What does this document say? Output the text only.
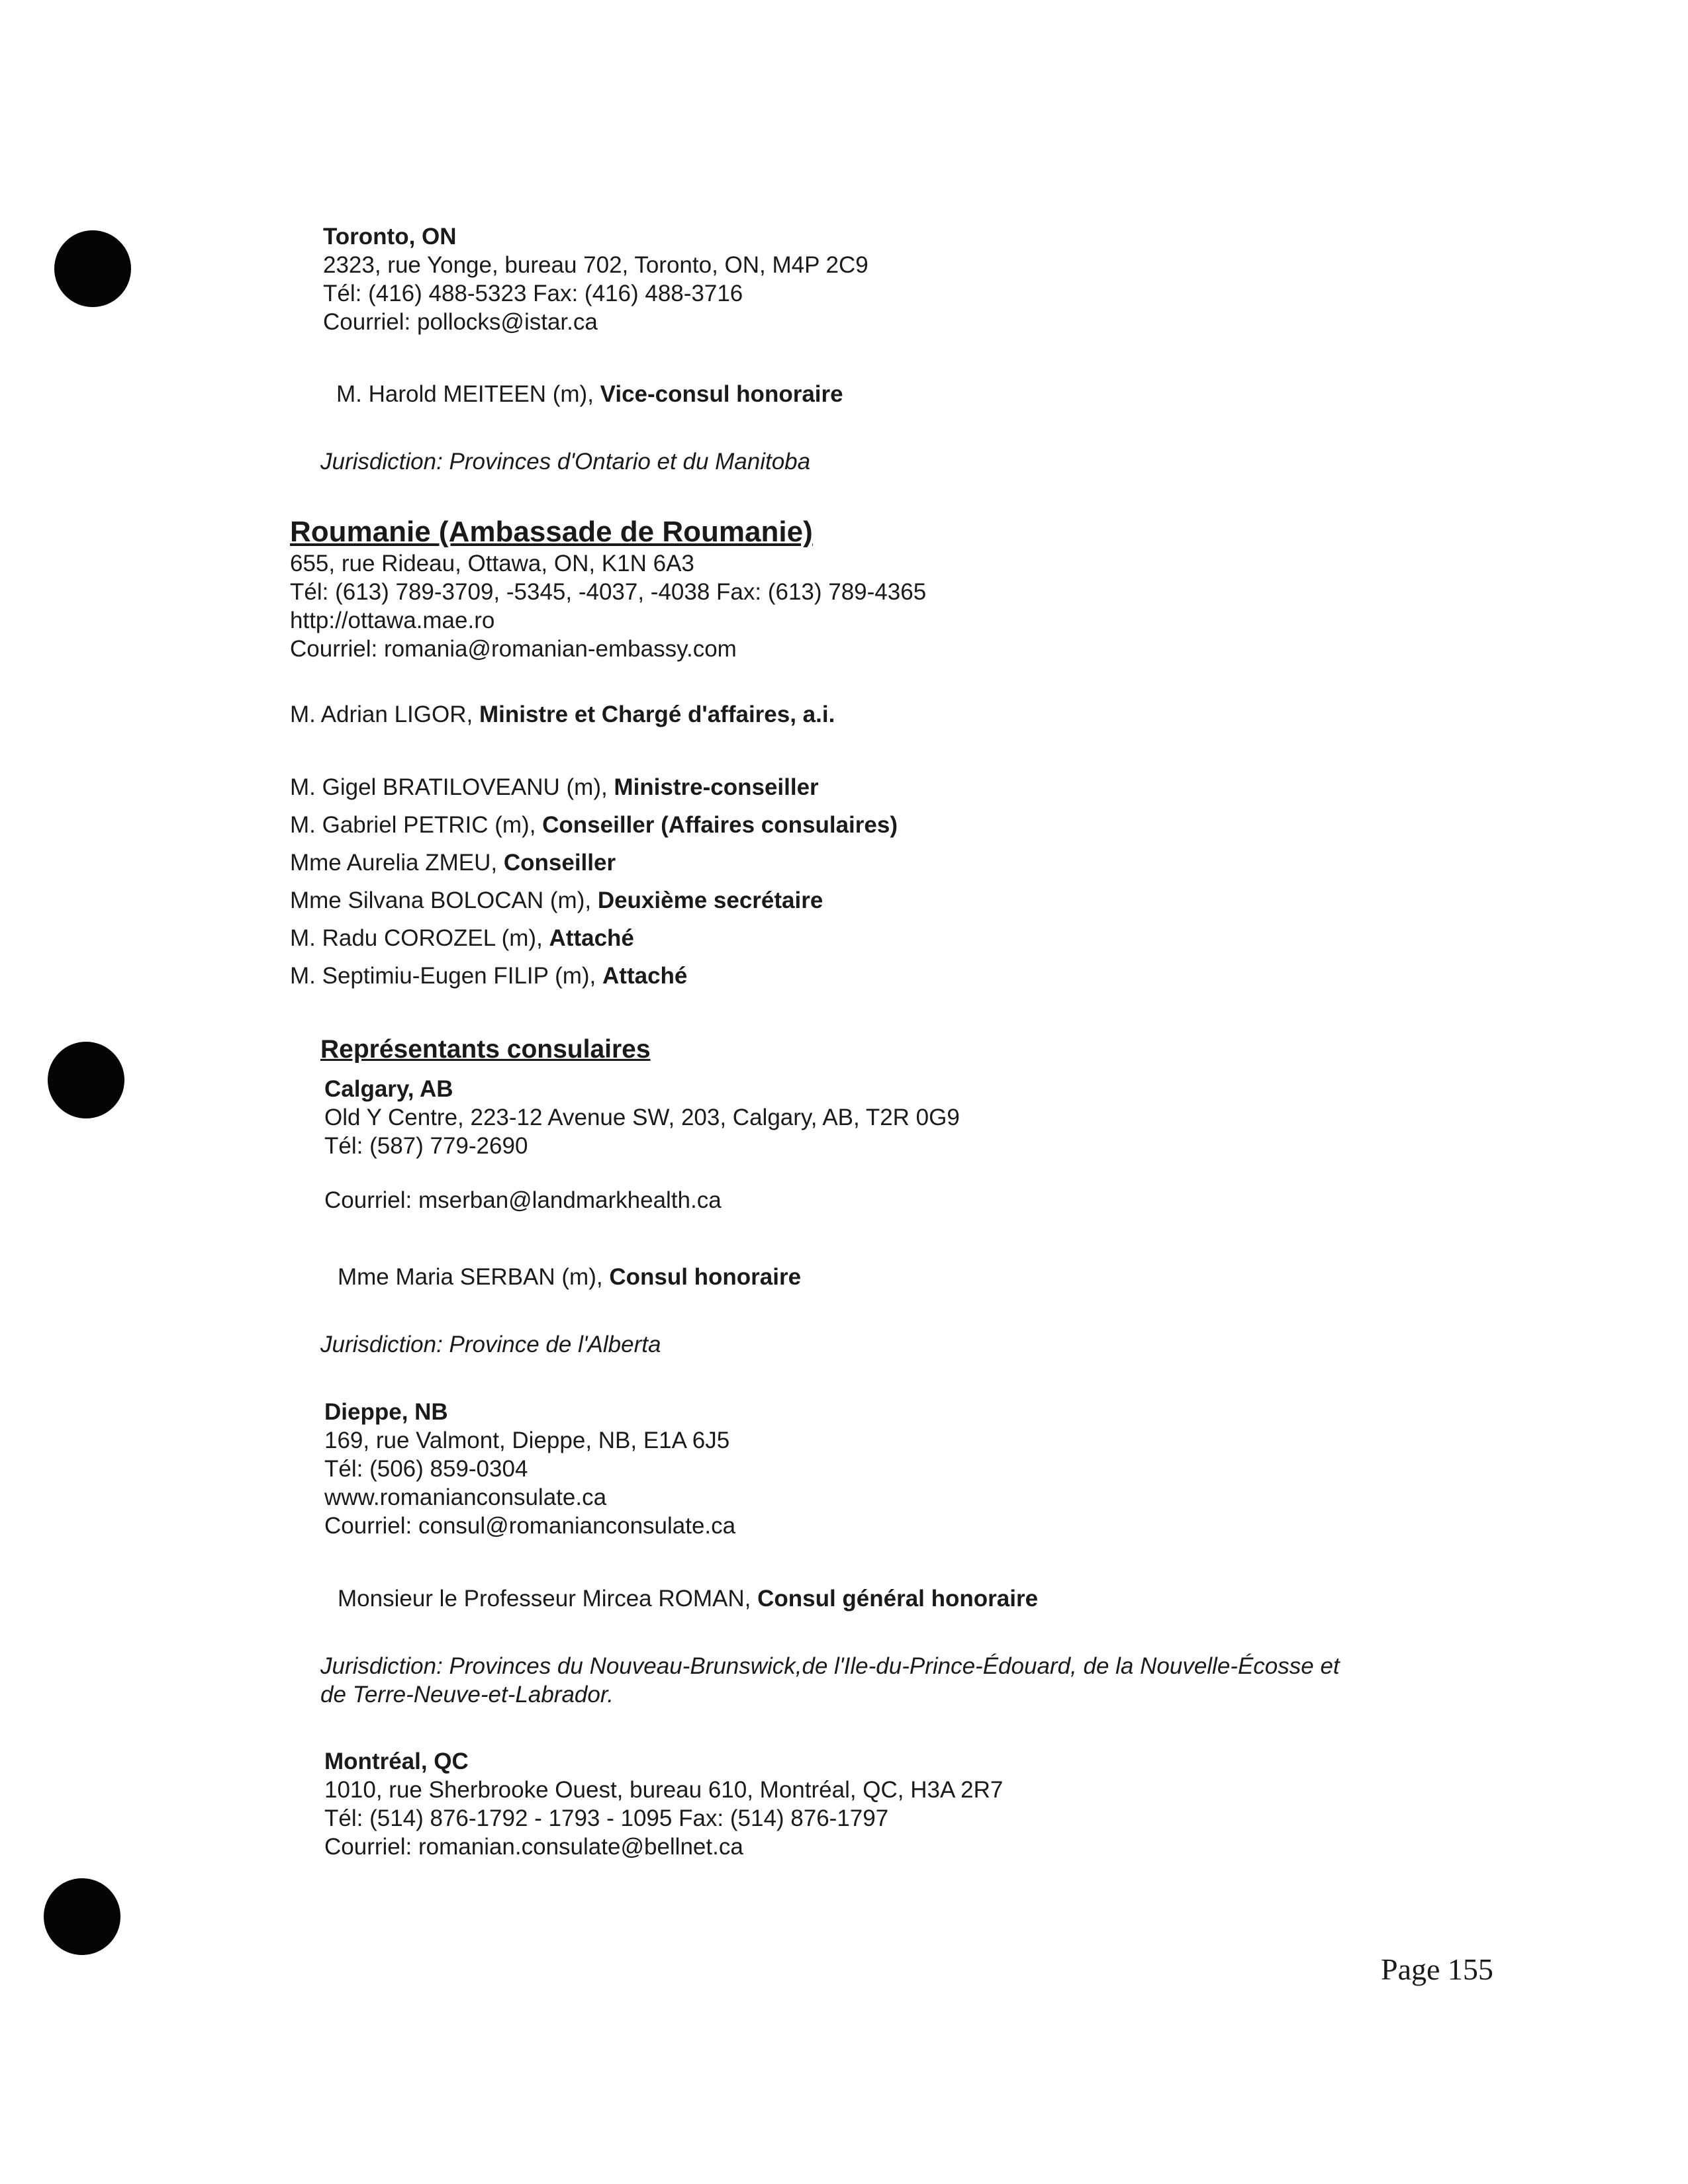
Toronto, ON
2323, rue Yonge, bureau 702, Toronto, ON, M4P 2C9
Tél: (416) 488-5323 Fax: (416) 488-3716
Courriel: pollocks@istar.ca
M. Harold MEITEEN (m), Vice-consul honoraire
Jurisdiction: Provinces d'Ontario et du Manitoba
Roumanie (Ambassade de Roumanie)
655, rue Rideau, Ottawa, ON, K1N 6A3
Tél: (613) 789-3709, -5345, -4037, -4038 Fax: (613) 789-4365
http://ottawa.mae.ro
Courriel: romania@romanian-embassy.com
M. Adrian LIGOR, Ministre et Chargé d'affaires, a.i.
M. Gigel BRATILOVEANU (m), Ministre-conseiller
M. Gabriel PETRIC (m), Conseiller (Affaires consulaires)
Mme Aurelia ZMEU, Conseiller
Mme Silvana BOLOCAN (m), Deuxième secrétaire
M. Radu COROZEL (m), Attaché
M. Septimiu-Eugen FILIP (m), Attaché
Représentants consulaires
Calgary, AB
Old Y Centre, 223-12 Avenue SW, 203, Calgary, AB, T2R 0G9
Tél: (587) 779-2690
Courriel: mserban@landmarkhealth.ca
Mme Maria SERBAN (m), Consul honoraire
Jurisdiction: Province de l'Alberta
Dieppe, NB
169, rue Valmont, Dieppe, NB, E1A 6J5
Tél: (506) 859-0304
www.romanianconsulate.ca
Courriel: consul@romanianconsulate.ca
Monsieur le Professeur Mircea ROMAN, Consul général honoraire
Jurisdiction: Provinces du Nouveau-Brunswick,de l'Ile-du-Prince-Édouard, de la Nouvelle-Écosse et
de Terre-Neuve-et-Labrador.
Montréal, QC
1010, rue Sherbrooke Ouest, bureau 610, Montréal, QC, H3A 2R7
Tél: (514) 876-1792 - 1793 - 1095 Fax: (514) 876-1797
Courriel: romanian.consulate@bellnet.ca
Page 155
